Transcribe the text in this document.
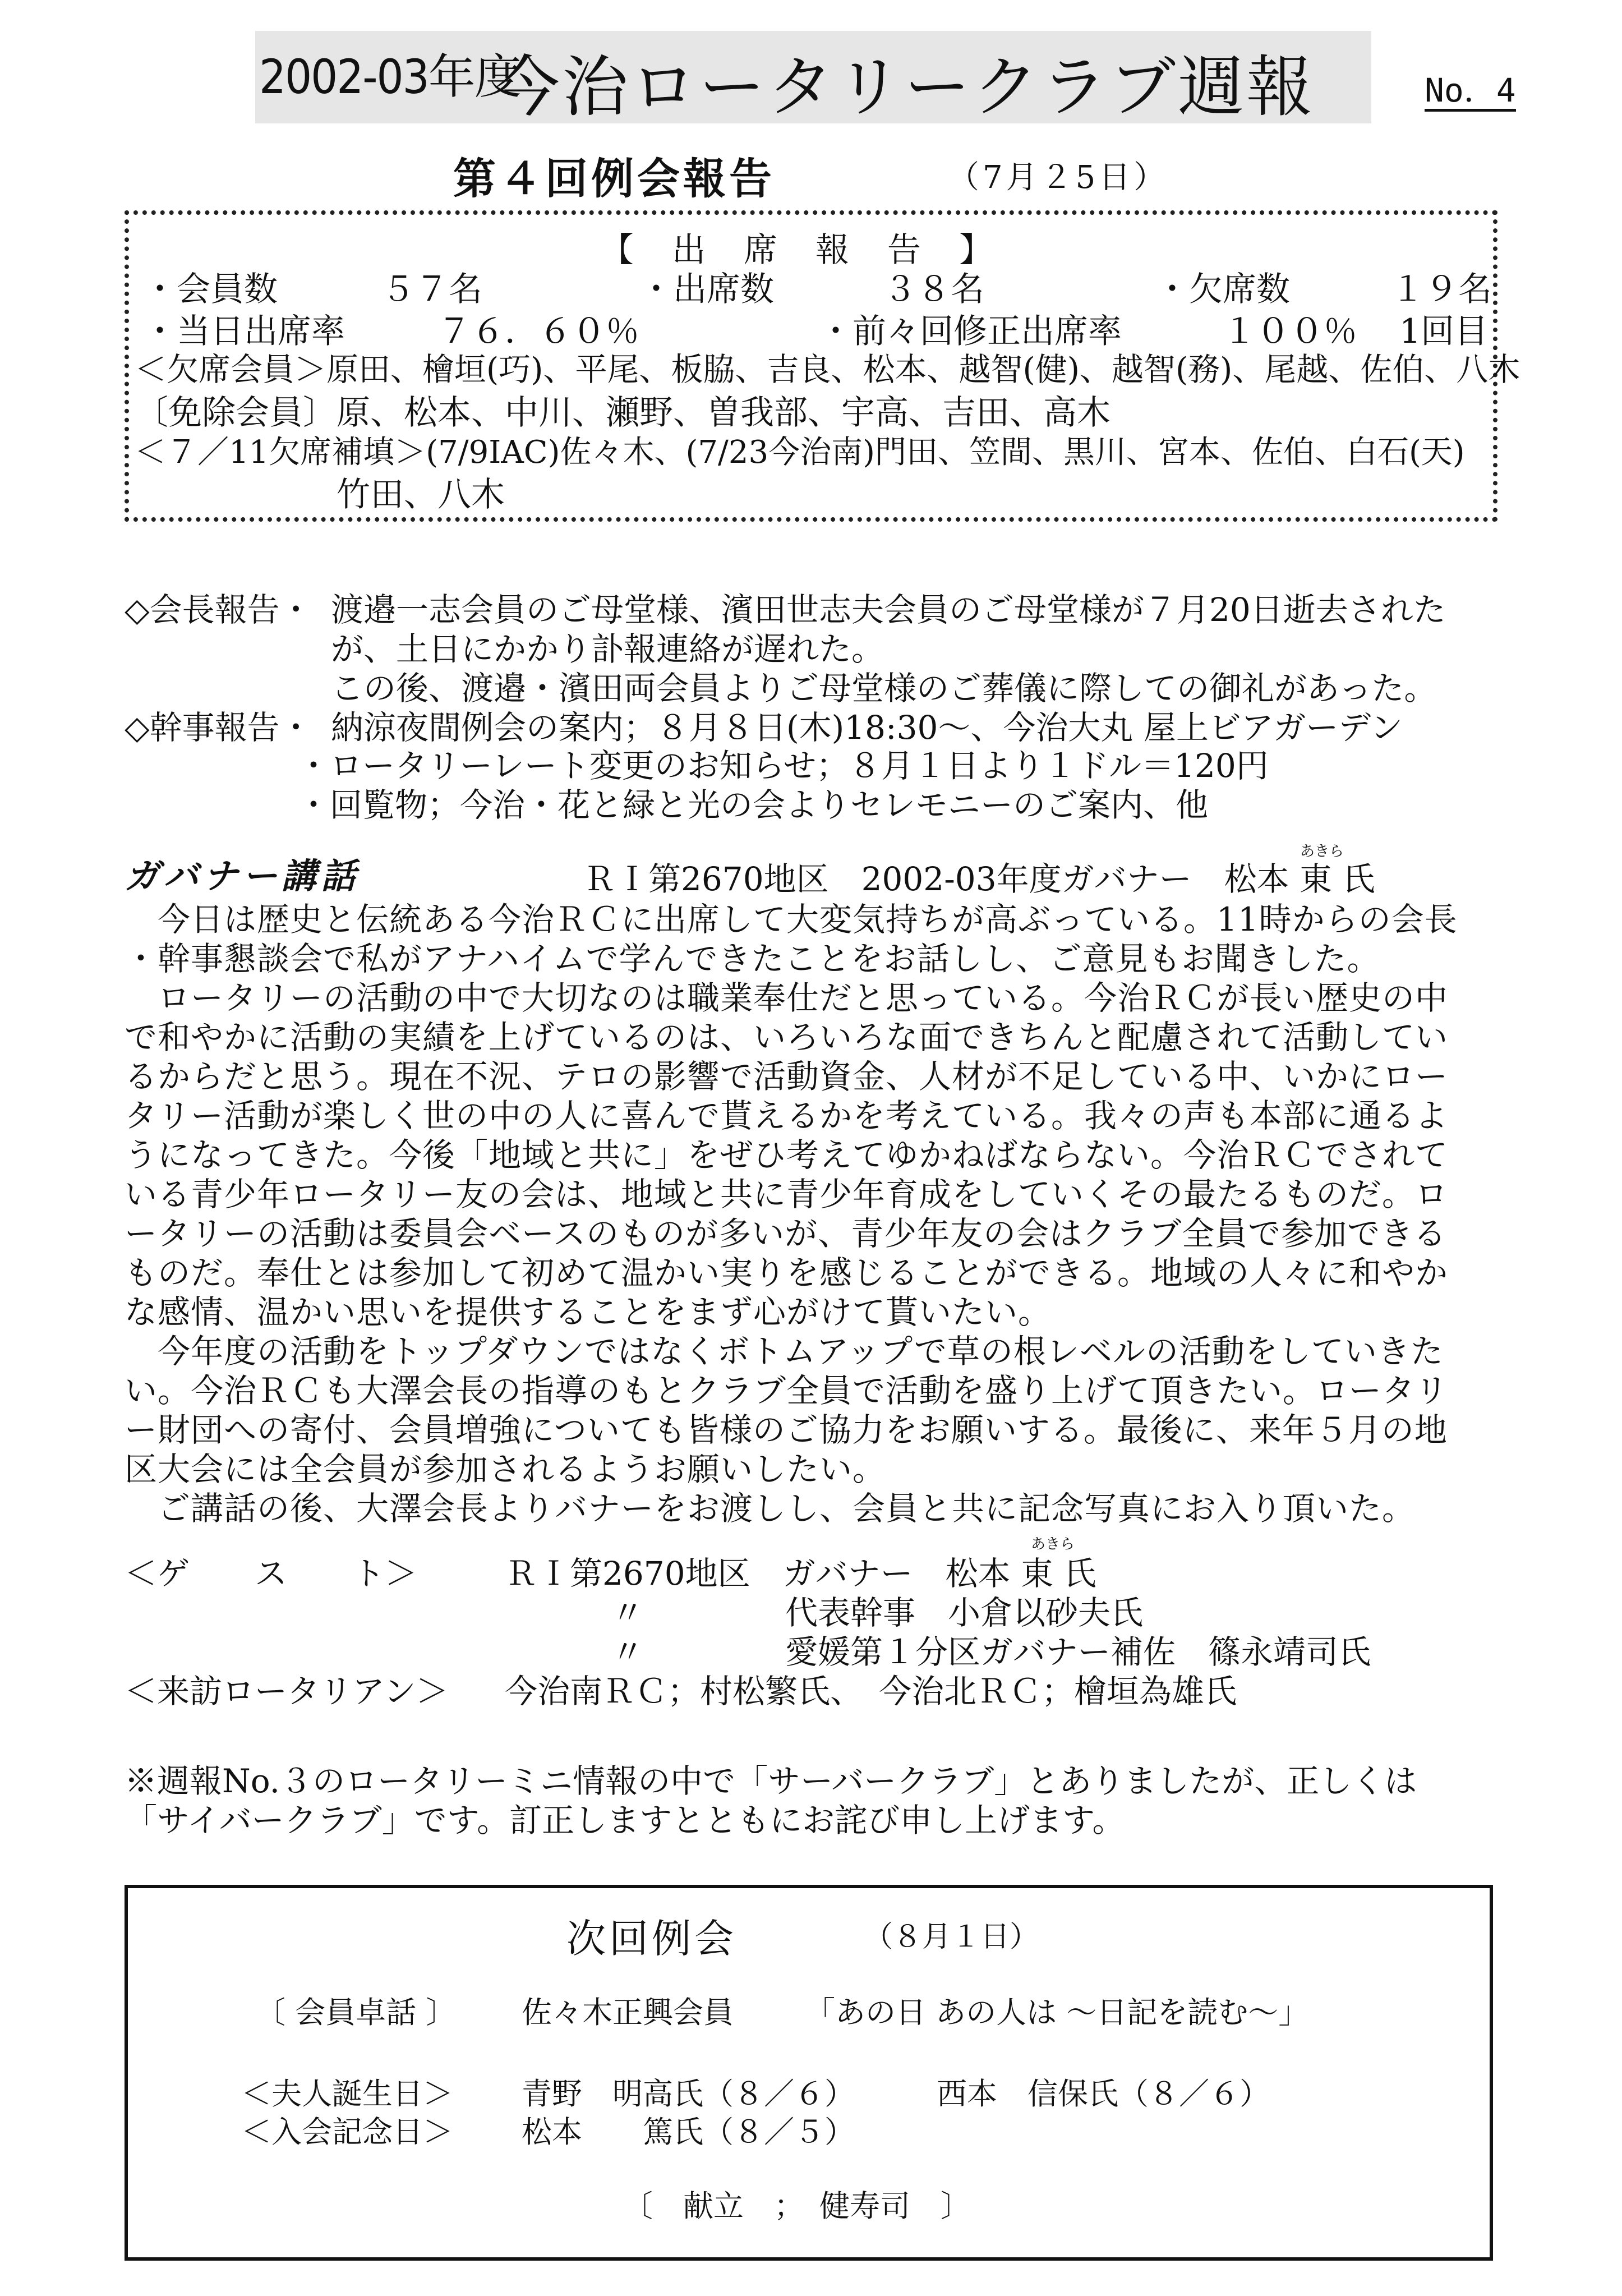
2002-03年度
今治ロータリークラブ週報	No．4
第４回例会報告	（7月２5日）
【　出　席　報　告　】
・会員数	５７名	・出席数	３８名	・欠席数	１９名
・当日出席率	７６．６０％	・前々回修正出席率	１００％ 1回目
＜欠席会員＞原田、檜垣(巧)、平尾、板脇、吉良、松本、越智(健)、越智(務)、尾越、佐伯、八木
〔免除会員〕原、松本、中川、瀬野、曽我部、宇高、吉田、高木
＜７／11欠席補填＞(7/9IAC)佐々木、(7/23今治南)門田、笠間、黒川、宮本、佐伯、白石(天)
竹田、八木
◇会長報告・ 渡邉一志会員のご母堂様、濱田世志夫会員のご母堂様が７月20日逝去された
が、土日にかかり訃報連絡が遅れた。
この後、渡邉・濱田両会員よりご母堂様のご葬儀に際しての御礼があった。
◇幹事報告・ 納涼夜間例会の案内；８月８日(木)18:30～、今治大丸 屋上ビアガーデン
・ロータリーレート変更のお知らせ；８月１日より１ドル＝120円
・回覧物；今治・花と緑と光の会よりセレモニーのご案内、他
ガバナー講話
あきら
ＲＩ第2670地区　2002-03年度ガバナー　松本 東 氏
　今日は歴史と伝統ある今治ＲＣに出席して大変気持ちが高ぶっている。11時からの会長
・幹事懇談会で私がアナハイムで学んできたことをお話しし、ご意見もお聞きした。
　ロータリーの活動の中で大切なのは職業奉仕だと思っている。今治ＲＣが長い歴史の中
で和やかに活動の実績を上げているのは、いろいろな面できちんと配慮されて活動してい
るからだと思う。現在不況、テロの影響で活動資金、人材が不足している中、いかにロー
タリー活動が楽しく世の中の人に喜んで貰えるかを考えている。我々の声も本部に通るよ
うになってきた。今後「地域と共に」をぜひ考えてゆかねばならない。今治ＲＣでされて
いる青少年ロータリー友の会は、地域と共に青少年育成をしていくその最たるものだ。ロ
ータリーの活動は委員会ベースのものが多いが、青少年友の会はクラブ全員で参加できる
ものだ。奉仕とは参加して初めて温かい実りを感じることができる。地域の人々に和やか
な感情、温かい思いを提供することをまず心がけて貰いたい。
　今年度の活動をトップダウンではなくボトムアップで草の根レベルの活動をしていきた
い。今治ＲＣも大澤会長の指導のもとクラブ全員で活動を盛り上げて頂きたい。ロータリ
ー財団への寄付、会員増強についても皆様のご協力をお願いする。最後に、来年５月の地
区大会には全会員が参加されるようお願いしたい。
　ご講話の後、大澤会長よりバナーをお渡しし、会員と共に記念写真にお入り頂いた。
＜ゲ　　ス　　ト＞
あきら
ＲＩ第2670地区　ガバナー　松本 東 氏
〃	代表幹事　小倉以砂夫氏
〃	愛媛第１分区ガバナー補佐　篠永靖司氏
＜来訪ロータリアン＞ 今治南ＲＣ；村松繁氏、　今治北ＲＣ；檜垣為雄氏
※週報No.３のロータリーミニ情報の中で「サーバークラブ」とありましたが、正しくは
「サイバークラブ」です。訂正しますとともにお詫び申し上げます。
次回例会	（８月１日）
〔 会員卓話 〕 佐々木正興会員 「あの日 あの人は ～日記を読む～」
＜夫人誕生日＞ 青野　明高氏（８／６）	西本　信保氏（８／６）
＜入会記念日＞ 松本　　篤氏（８／５）
〔　献立　；　健寿司　〕
